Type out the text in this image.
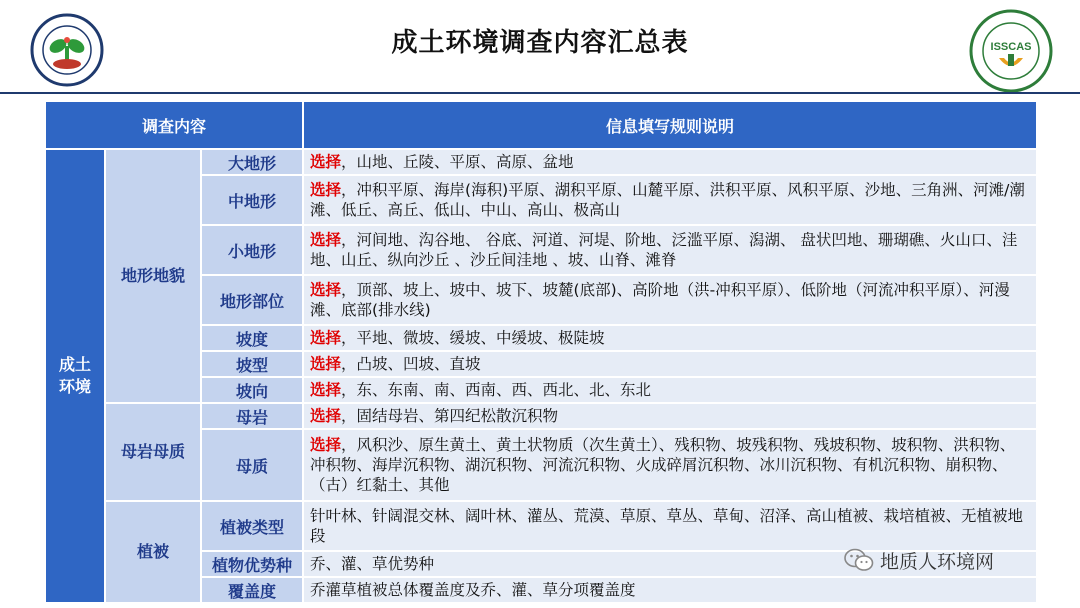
成土环境调查内容汇总表	ISSCAS
调查内容			信息填写规则说明
成土环境	地形地貌	大地形	选择，山地、丘陵、平原、高原、盆地
		中地形	选择，冲积平原、海岸(海积)平原、湖积平原、山麓平原、洪积平原、风积平原、沙地、三角洲、河滩/潮滩、低丘、高丘、低山、中山、高山、极高山
		小地形	选择，河间地、沟谷地、 谷底、河道、河堤、阶地、泛滥平原、潟湖、 盘状凹地、珊瑚礁、火山口、洼地、山丘、纵向沙丘 、沙丘间洼地 、坡、山脊、滩脊
		地形部位	选择，顶部、坡上、坡中、坡下、坡麓(底部)、高阶地（洪-冲积平原）、低阶地（河流冲积平原）、河漫滩、底部(排水线)
		坡度	选择，平地、微坡、缓坡、中缓坡、极陡坡
		坡型	选择，凸坡、凹坡、直坡
		坡向	选择，东、东南、南、西南、西、西北、北、东北
	母岩母质	母岩	选择，固结母岩、第四纪松散沉积物
		母质	选择，风积沙、原生黄土、黄土状物质（次生黄土）、残积物、坡残积物、残坡积物、坡积物、洪积物、冲积物、海岸沉积物、湖沉积物、河流沉积物、火成碎屑沉积物、冰川沉积物、有机沉积物、崩积物、（古）红黏土、其他
	植被	植被类型	针叶林、针阔混交林、阔叶林、灌丛、荒漠、草原、草丛、草甸、沼泽、高山植被、栽培植被、无植被地段
		植物优势种	乔、灌、草优势种
		覆盖度	乔灌草植被总体覆盖度及乔、灌、草分项覆盖度
地质人环境网
